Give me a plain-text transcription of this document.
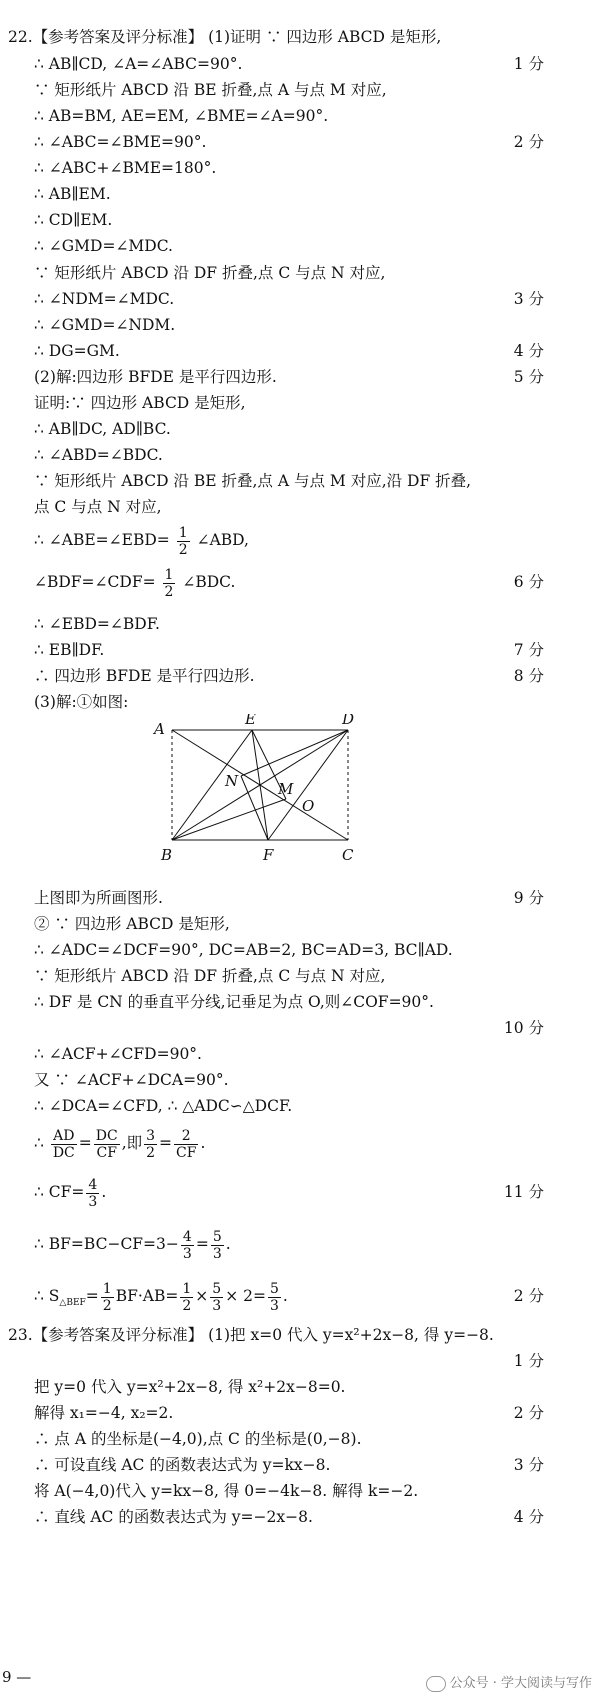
22.【参考答案及评分标准】 (1)证明 ∵ 四边形 ABCD 是矩形,
∴ AB∥CD, ∠A=∠ABC=90°.	1 分
∵ 矩形纸片 ABCD 沿 BE 折叠,点 A 与点 M 对应,
∴ AB=BM, AE=EM, ∠BME=∠A=90°.
∴ ∠ABC=∠BME=90°.	2 分
∴ ∠ABC+∠BME=180°.
∴ AB∥EM.
∴ CD∥EM.
∴ ∠GMD=∠MDC.
∵ 矩形纸片 ABCD 沿 DF 折叠,点 C 与点 N 对应,
∴ ∠NDM=∠MDC.	3 分
∴ ∠GMD=∠NDM.
∴ DG=GM.	4 分
(2)解:四边形 BFDE 是平行四边形.	5 分
证明:∵ 四边形 ABCD 是矩形,
∴ AB∥DC, AD∥BC.
∴ ∠ABD=∠BDC.
∵ 矩形纸片 ABCD 沿 BE 折叠,点 A 与点 M 对应,沿 DF 折叠,
点 C 与点 N 对应,
∴ ∠ABE=∠EBD= $\frac{1}{2}$ ∠ABD,
∠BDF=∠CDF= $\frac{1}{2}$ ∠BDC.	6 分
∴ ∠EBD=∠BDF.
∴ EB∥DF.	7 分
∴ 四边形 BFDE 是平行四边形.	8 分
(3)解:①如图:
A
E	D
N	M
O
B	F	C
上图即为所画图形.	9 分
② ∵ 四边形 ABCD 是矩形,
∴ ∠ADC=∠DCF=90°, DC=AB=2, BC=AD=3, BC∥AD.
∵ 矩形纸片 ABCD 沿 DF 折叠,点 C 与点 N 对应,
∴ DF 是 CN 的垂直平分线,记垂足为点 O,则∠COF=90°.
10 分
∴ ∠ACF+∠CFD=90°.
又 ∵ ∠ACF+∠DCA=90°.
∴ ∠DCA=∠CFD, ∴ △ADC∽△DCF.
∴ $\frac{AD}{DC} = \frac{DC}{CF}$ ,即 $\frac{3}{2} = \frac{2}{CF}$ .
∴ $CF= \frac{4}{3}$ .	11 分
∴ $BF=BC-CF=3- \frac{4}{3} = \frac{5}{3}$ .
∴ $S_{\triangle BEF}= \frac{1}{2} BF\cdot AB= \frac{1}{2} \times \frac{5}{3} \times 2= \frac{5}{3}$ .	2 分
23.【参考答案及评分标准】 (1)把 x=0 代入 y=x²+2x−8, 得 y=−8.
1 分
把 y=0 代入 y=x²+2x−8, 得 x²+2x−8=0.
解得 x₁=−4, x₂=2.	2 分
∴ 点 A 的坐标是(−4,0),点 C 的坐标是(0,−8).
∴ 可设直线 AC 的函数表达式为 y=kx−8.	3 分
将 A(−4,0)代入 y=kx−8, 得 0=−4k−8. 解得 k=−2.
∴ 直线 AC 的函数表达式为 y=−2x−8.	4 分
9 —	公众号 · 学大阅读与写作
